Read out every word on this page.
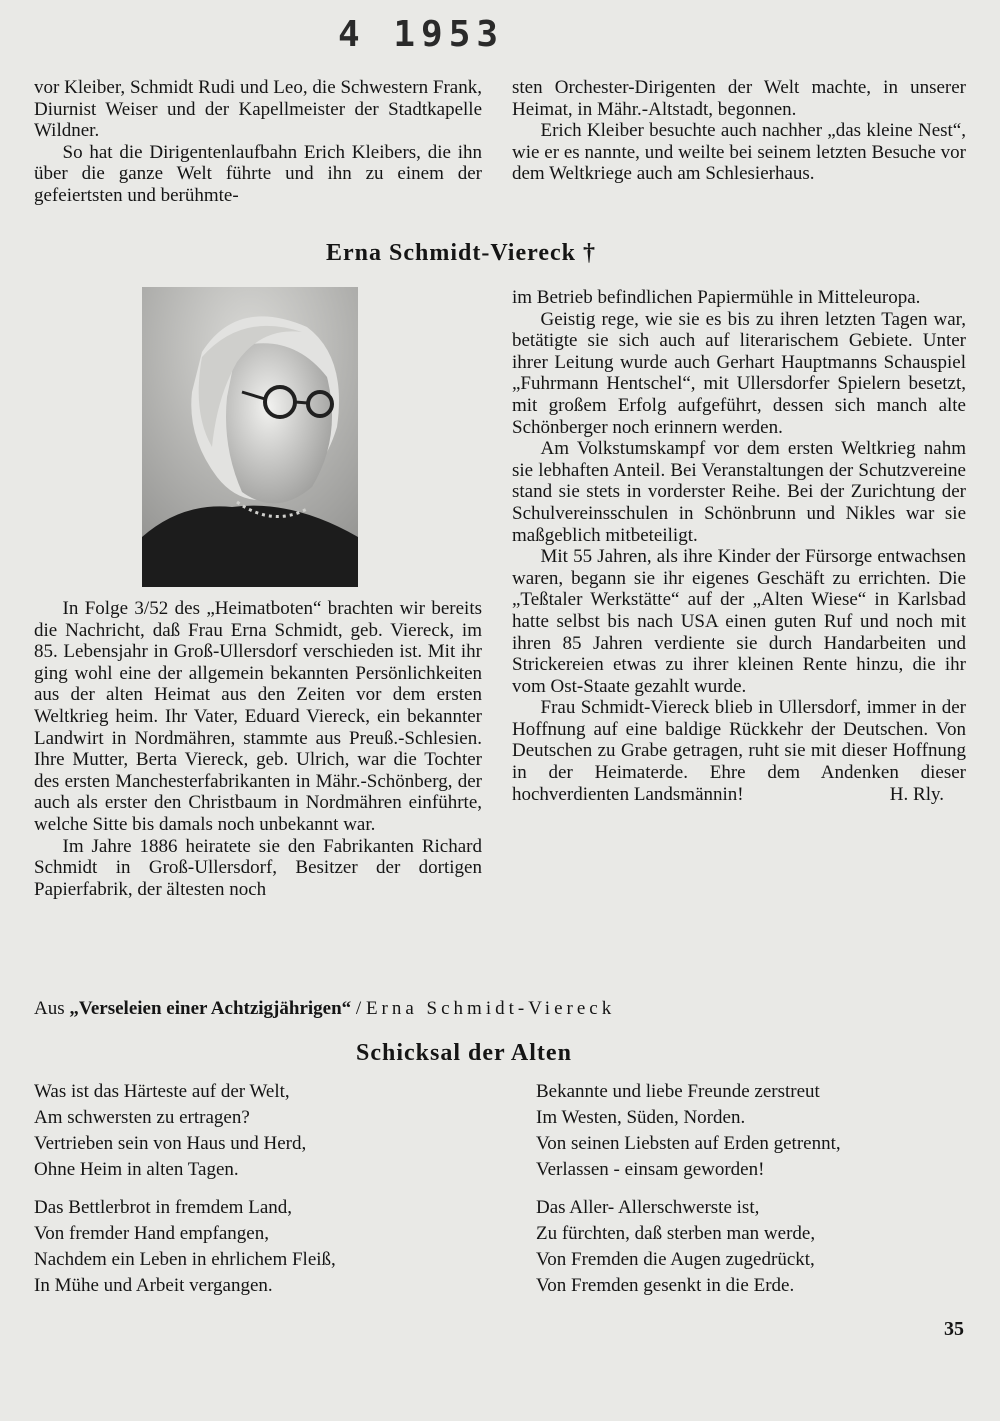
4 1953

vor Kleiber, Schmidt Rudi und Leo, die Schwestern Frank, Diurnist Weiser und der Kapellmeister der Stadtkapelle Wildner.

So hat die Dirigentenlaufbahn Erich Kleibers, die ihn über die ganze Welt führte und ihn zu einem der gefeiertsten und berühmte-

sten Orchester-Dirigenten der Welt machte, in unserer Heimat, in Mähr.-Altstadt, begonnen.

Erich Kleiber besuchte auch nachher „das kleine Nest“, wie er es nannte, und weilte bei seinem letzten Besuche vor dem Weltkriege auch am Schlesierhaus.

Erna Schmidt-Viereck †

In Folge 3/52 des „Heimatboten“ brachten wir bereits die Nachricht, daß Frau Erna Schmidt, geb. Viereck, im 85. Lebensjahr in Groß-Ullersdorf verschieden ist. Mit ihr ging wohl eine der allgemein bekannten Persönlichkeiten aus der alten Heimat aus den Zeiten vor dem ersten Weltkrieg heim. Ihr Vater, Eduard Viereck, ein bekannter Landwirt in Nordmähren, stammte aus Preuß.-Schlesien. Ihre Mutter, Berta Viereck, geb. Ulrich, war die Tochter des ersten Manchesterfabrikanten in Mähr.-Schönberg, der auch als erster den Christbaum in Nordmähren einführte, welche Sitte bis damals noch unbekannt war.

Im Jahre 1886 heiratete sie den Fabrikanten Richard Schmidt in Groß-Ullersdorf, Besitzer der dortigen Papierfabrik, der ältesten noch

im Betrieb befindlichen Papiermühle in Mitteleuropa.

Geistig rege, wie sie es bis zu ihren letzten Tagen war, betätigte sie sich auch auf literarischem Gebiete. Unter ihrer Leitung wurde auch Gerhart Hauptmanns Schauspiel „Fuhrmann Hentschel“, mit Ullersdorfer Spielern besetzt, mit großem Erfolg aufgeführt, dessen sich manch alte Schönberger noch erinnern werden.

Am Volkstumskampf vor dem ersten Weltkrieg nahm sie lebhaften Anteil. Bei Veranstaltungen der Schutzvereine stand sie stets in vorderster Reihe. Bei der Zurichtung der Schulvereinsschulen in Schönbrunn und Nikles war sie maßgeblich mitbeteiligt.

Mit 55 Jahren, als ihre Kinder der Fürsorge entwachsen waren, begann sie ihr eigenes Geschäft zu errichten. Die „Teßtaler Werkstätte“ auf der „Alten Wiese“ in Karlsbad hatte selbst bis nach USA einen guten Ruf und noch mit ihren 85 Jahren verdiente sie durch Handarbeiten und Strickereien etwas zu ihrer kleinen Rente hinzu, die ihr vom Ost-Staate gezahlt wurde.

Frau Schmidt-Viereck blieb in Ullersdorf, immer in der Hoffnung auf eine baldige Rückkehr der Deutschen. Von Deutschen zu Grabe getragen, ruht sie mit dieser Hoffnung in der Heimaterde. Ehre dem Andenken dieser hochverdienten Landsmännin!	H. Rly.

Aus „Verseleien einer Achtzigjährigen“ / Erna Schmidt-Viereck
Schicksal der Alten
Was ist das Härteste auf der Welt,
Am schwersten zu ertragen?
Vertrieben sein von Haus und Herd,
Ohne Heim in alten Tagen.
Das Bettlerbrot in fremdem Land,
Von fremder Hand empfangen,
Nachdem ein Leben in ehrlichem Fleiß,
In Mühe und Arbeit vergangen.
Bekannte und liebe Freunde zerstreut
Im Westen, Süden, Norden.
Von seinen Liebsten auf Erden getrennt,
Verlassen - einsam geworden!
Das Aller- Allerschwerste ist,
Zu fürchten, daß sterben man werde,
Von Fremden die Augen zugedrückt,
Von Fremden gesenkt in die Erde.
35
